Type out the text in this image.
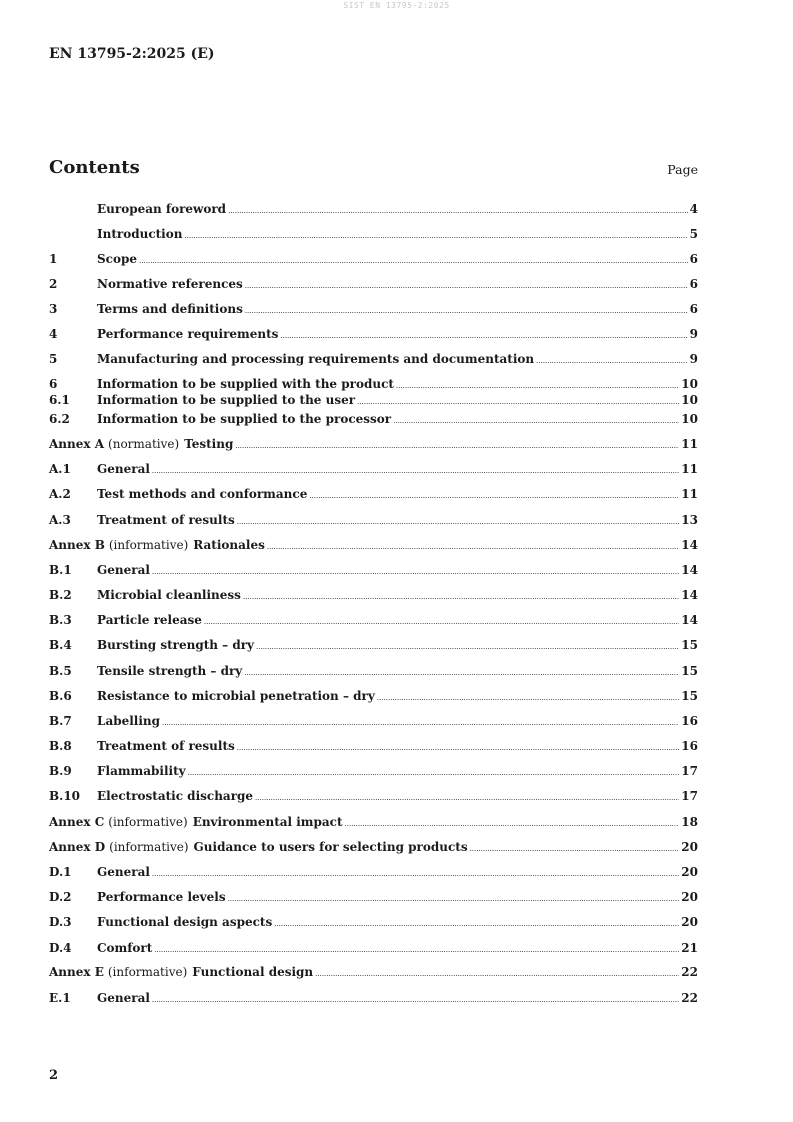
SIST EN 13795-2:2025
EN 13795-2:2025 (E)
Contents	Page
European foreword .....	4
Introduction .....	5
1	Scope .....	6
2	Normative references .....	6
3	Terms and definitions .....	6
4	Performance requirements .....	9
5	Manufacturing and processing requirements and documentation .....	9
6	Information to be supplied with the product .....	10
6.1	Information to be supplied to the user .....	10
6.2	Information to be supplied to the processor .....	10
Annex A (normative) Testing .....	11
A.1	General .....	11
A.2	Test methods and conformance .....	11
A.3	Treatment of results .....	13
Annex B (informative) Rationales .....	14
B.1	General .....	14
B.2	Microbial cleanliness .....	14
B.3	Particle release .....	14
B.4	Bursting strength – dry .....	15
B.5	Tensile strength – dry .....	15
B.6	Resistance to microbial penetration – dry .....	15
B.7	Labelling .....	16
B.8	Treatment of results .....	16
B.9	Flammability .....	17
B.10	Electrostatic discharge .....	17
Annex C (informative) Environmental impact .....	18
Annex D (informative) Guidance to users for selecting products .....	20
D.1	General .....	20
D.2	Performance levels .....	20
D.3	Functional design aspects .....	20
D.4	Comfort .....	21
Annex E (informative) Functional design .....	22
E.1	General .....	22
2
